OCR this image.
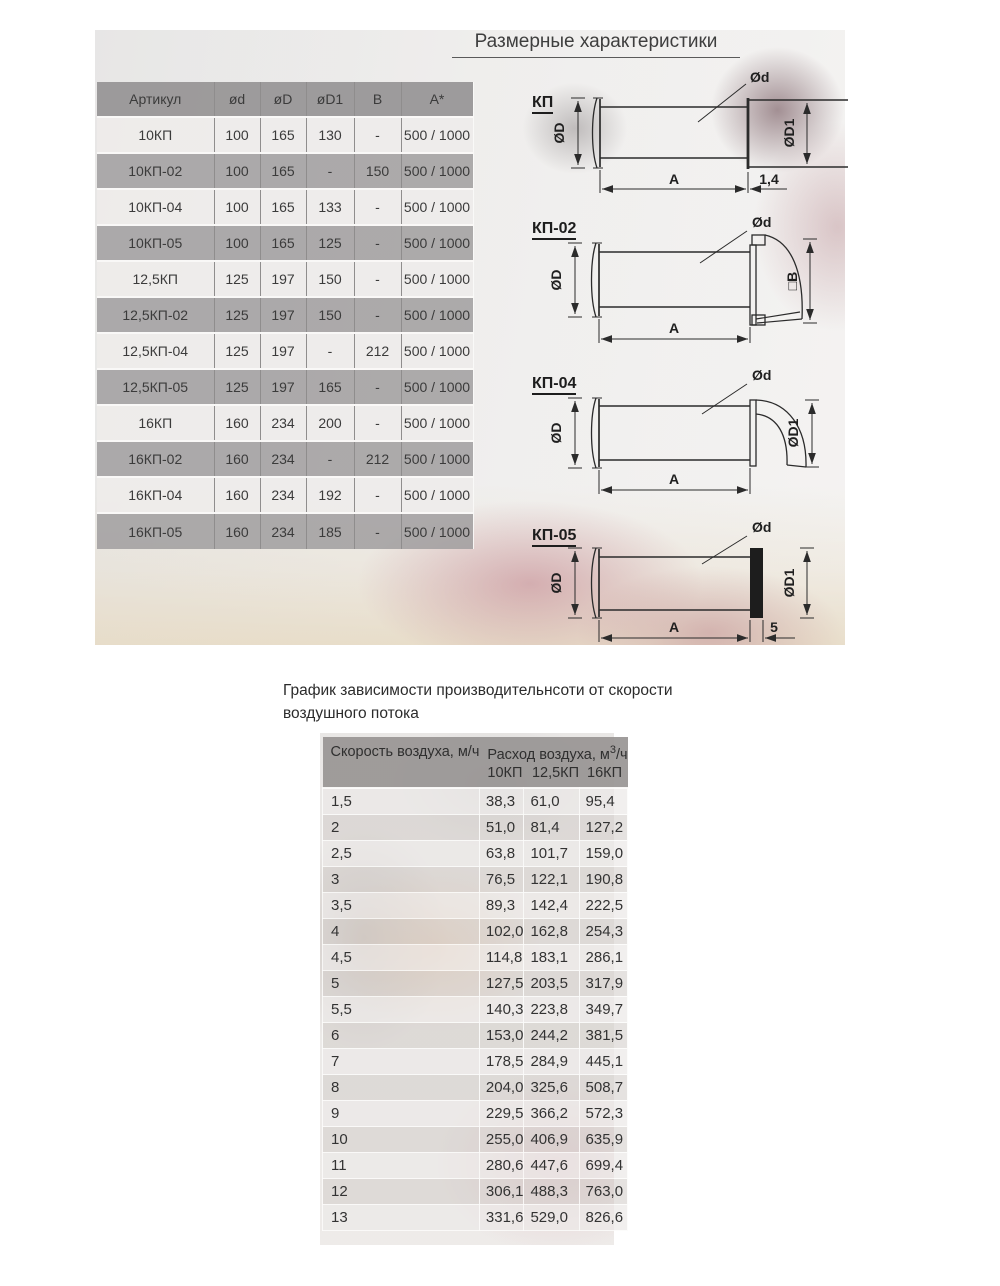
Размерные характеристики
Артикул	ød	øD	øD1	B	A*
10КП	100	165	130	-	500 / 1000
10КП-02	100	165	-	150	500 / 1000
10КП-04	100	165	133	-	500 / 1000
10КП-05	100	165	125	-	500 / 1000
12,5КП	125	197	150	-	500 / 1000
12,5КП-02	125	197	150	-	500 / 1000
12,5КП-04	125	197	-	212	500 / 1000
12,5КП-05	125	197	165	-	500 / 1000
16КП	160	234	200	-	500 / 1000
16КП-02	160	234	-	212	500 / 1000
16КП-04	160	234	192	-	500 / 1000
16КП-05	160	234	185	-	500 / 1000
КП
КП-02
КП-04
КП-05
Ød
ØD	ØD1
A	1,4
Ød
ØD	□B
A
Ød
ØD	ØD1
A
Ød
ØD	ØD1
A	5
График зависимости производительнсоти от скорости
воздушного потока
Скорость воздуха, м/ч	Расход воздуха, $м^3/ч$		
	10КП	12,5КП	16КП
1,5	38,3	61,0	95,4
2	51,0	81,4	127,2
2,5	63,8	101,7	159,0
3	76,5	122,1	190,8
3,5	89,3	142,4	222,5
4	102,0	162,8	254,3
4,5	114,8	183,1	286,1
5	127,5	203,5	317,9
5,5	140,3	223,8	349,7
6	153,0	244,2	381,5
7	178,5	284,9	445,1
8	204,0	325,6	508,7
9	229,5	366,2	572,3
10	255,0	406,9	635,9
11	280,6	447,6	699,4
12	306,1	488,3	763,0
13	331,6	529,0	826,6
